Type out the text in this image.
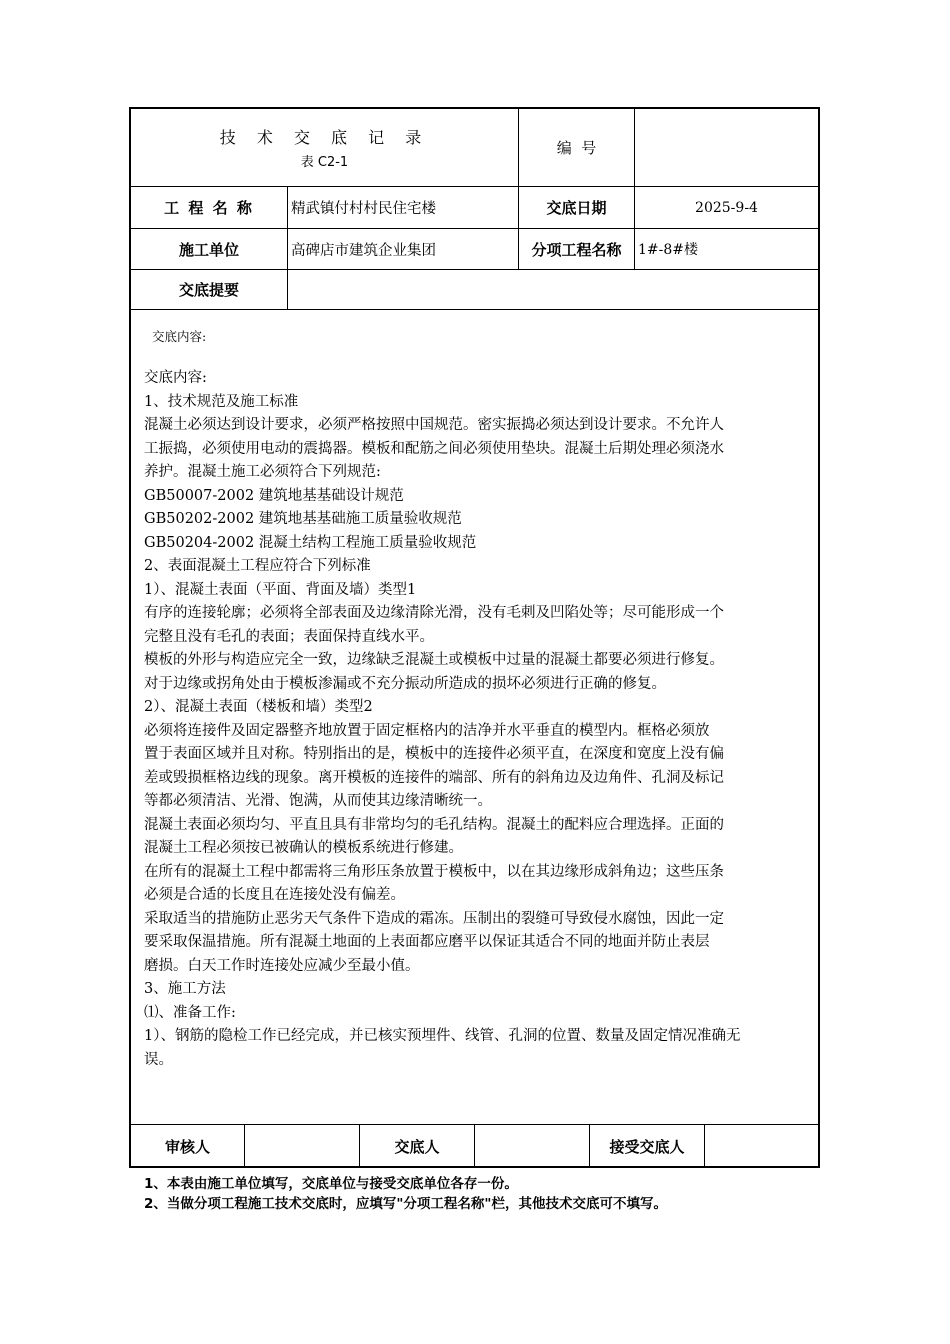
技 术 交 底 记 录
表 C2-1
编  号
工 程 名 称	精武镇付村村民住宅楼	交底日期	2025-9-4
施工单位	高碑店市建筑企业集团	分项工程名称	1#-8#楼
交底提要
交底内容:
交底内容:
1、技术规范及施工标准
混凝土必须达到设计要求，必须严格按照中国规范。密实振捣必须达到设计要求。不允许人
工振捣，必须使用电动的震捣器。模板和配筋之间必须使用垫块。混凝土后期处理必须浇水
养护。混凝土施工必须符合下列规范:
GB50007-2002 建筑地基基础设计规范
GB50202-2002 建筑地基基础施工质量验收规范
GB50204-2002 混凝土结构工程施工质量验收规范
2、表面混凝土工程应符合下列标准
1）、混凝土表面（平面、背面及墙）类型1
有序的连接轮廓；必须将全部表面及边缘清除光滑，没有毛刺及凹陷处等；尽可能形成一个
完整且没有毛孔的表面；表面保持直线水平。
模板的外形与构造应完全一致，边缘缺乏混凝土或模板中过量的混凝土都要必须进行修复。
对于边缘或拐角处由于模板渗漏或不充分振动所造成的损坏必须进行正确的修复。
2）、混凝土表面（楼板和墙）类型2
必须将连接件及固定器整齐地放置于固定框格内的洁净并水平垂直的模型内。框格必须放
置于表面区域并且对称。特别指出的是，模板中的连接件必须平直，在深度和宽度上没有偏
差或毁损框格边线的现象。离开模板的连接件的端部、所有的斜角边及边角件、孔洞及标记
等都必须清洁、光滑、饱满，从而使其边缘清晰统一。
混凝土表面必须均匀、平直且具有非常均匀的毛孔结构。混凝土的配料应合理选择。正面的
混凝土工程必须按已被确认的模板系统进行修建。
在所有的混凝土工程中都需将三角形压条放置于模板中，以在其边缘形成斜角边；这些压条
必须是合适的长度且在连接处没有偏差。
采取适当的措施防止恶劣天气条件下造成的霜冻。压制出的裂缝可导致侵水腐蚀，因此一定
要采取保温措施。所有混凝土地面的上表面都应磨平以保证其适合不同的地面并防止表层
磨损。白天工作时连接处应减少至最小值。
3、施工方法
⑴、准备工作:
1）、钢筋的隐检工作已经完成，并已核实预埋件、线管、孔洞的位置、数量及固定情况准确无
误。
审核人	交底人	接受交底人
1、本表由施工单位填写，交底单位与接受交底单位各存一份。
2、当做分项工程施工技术交底时，应填写"分项工程名称"栏，其他技术交底可不填写。
